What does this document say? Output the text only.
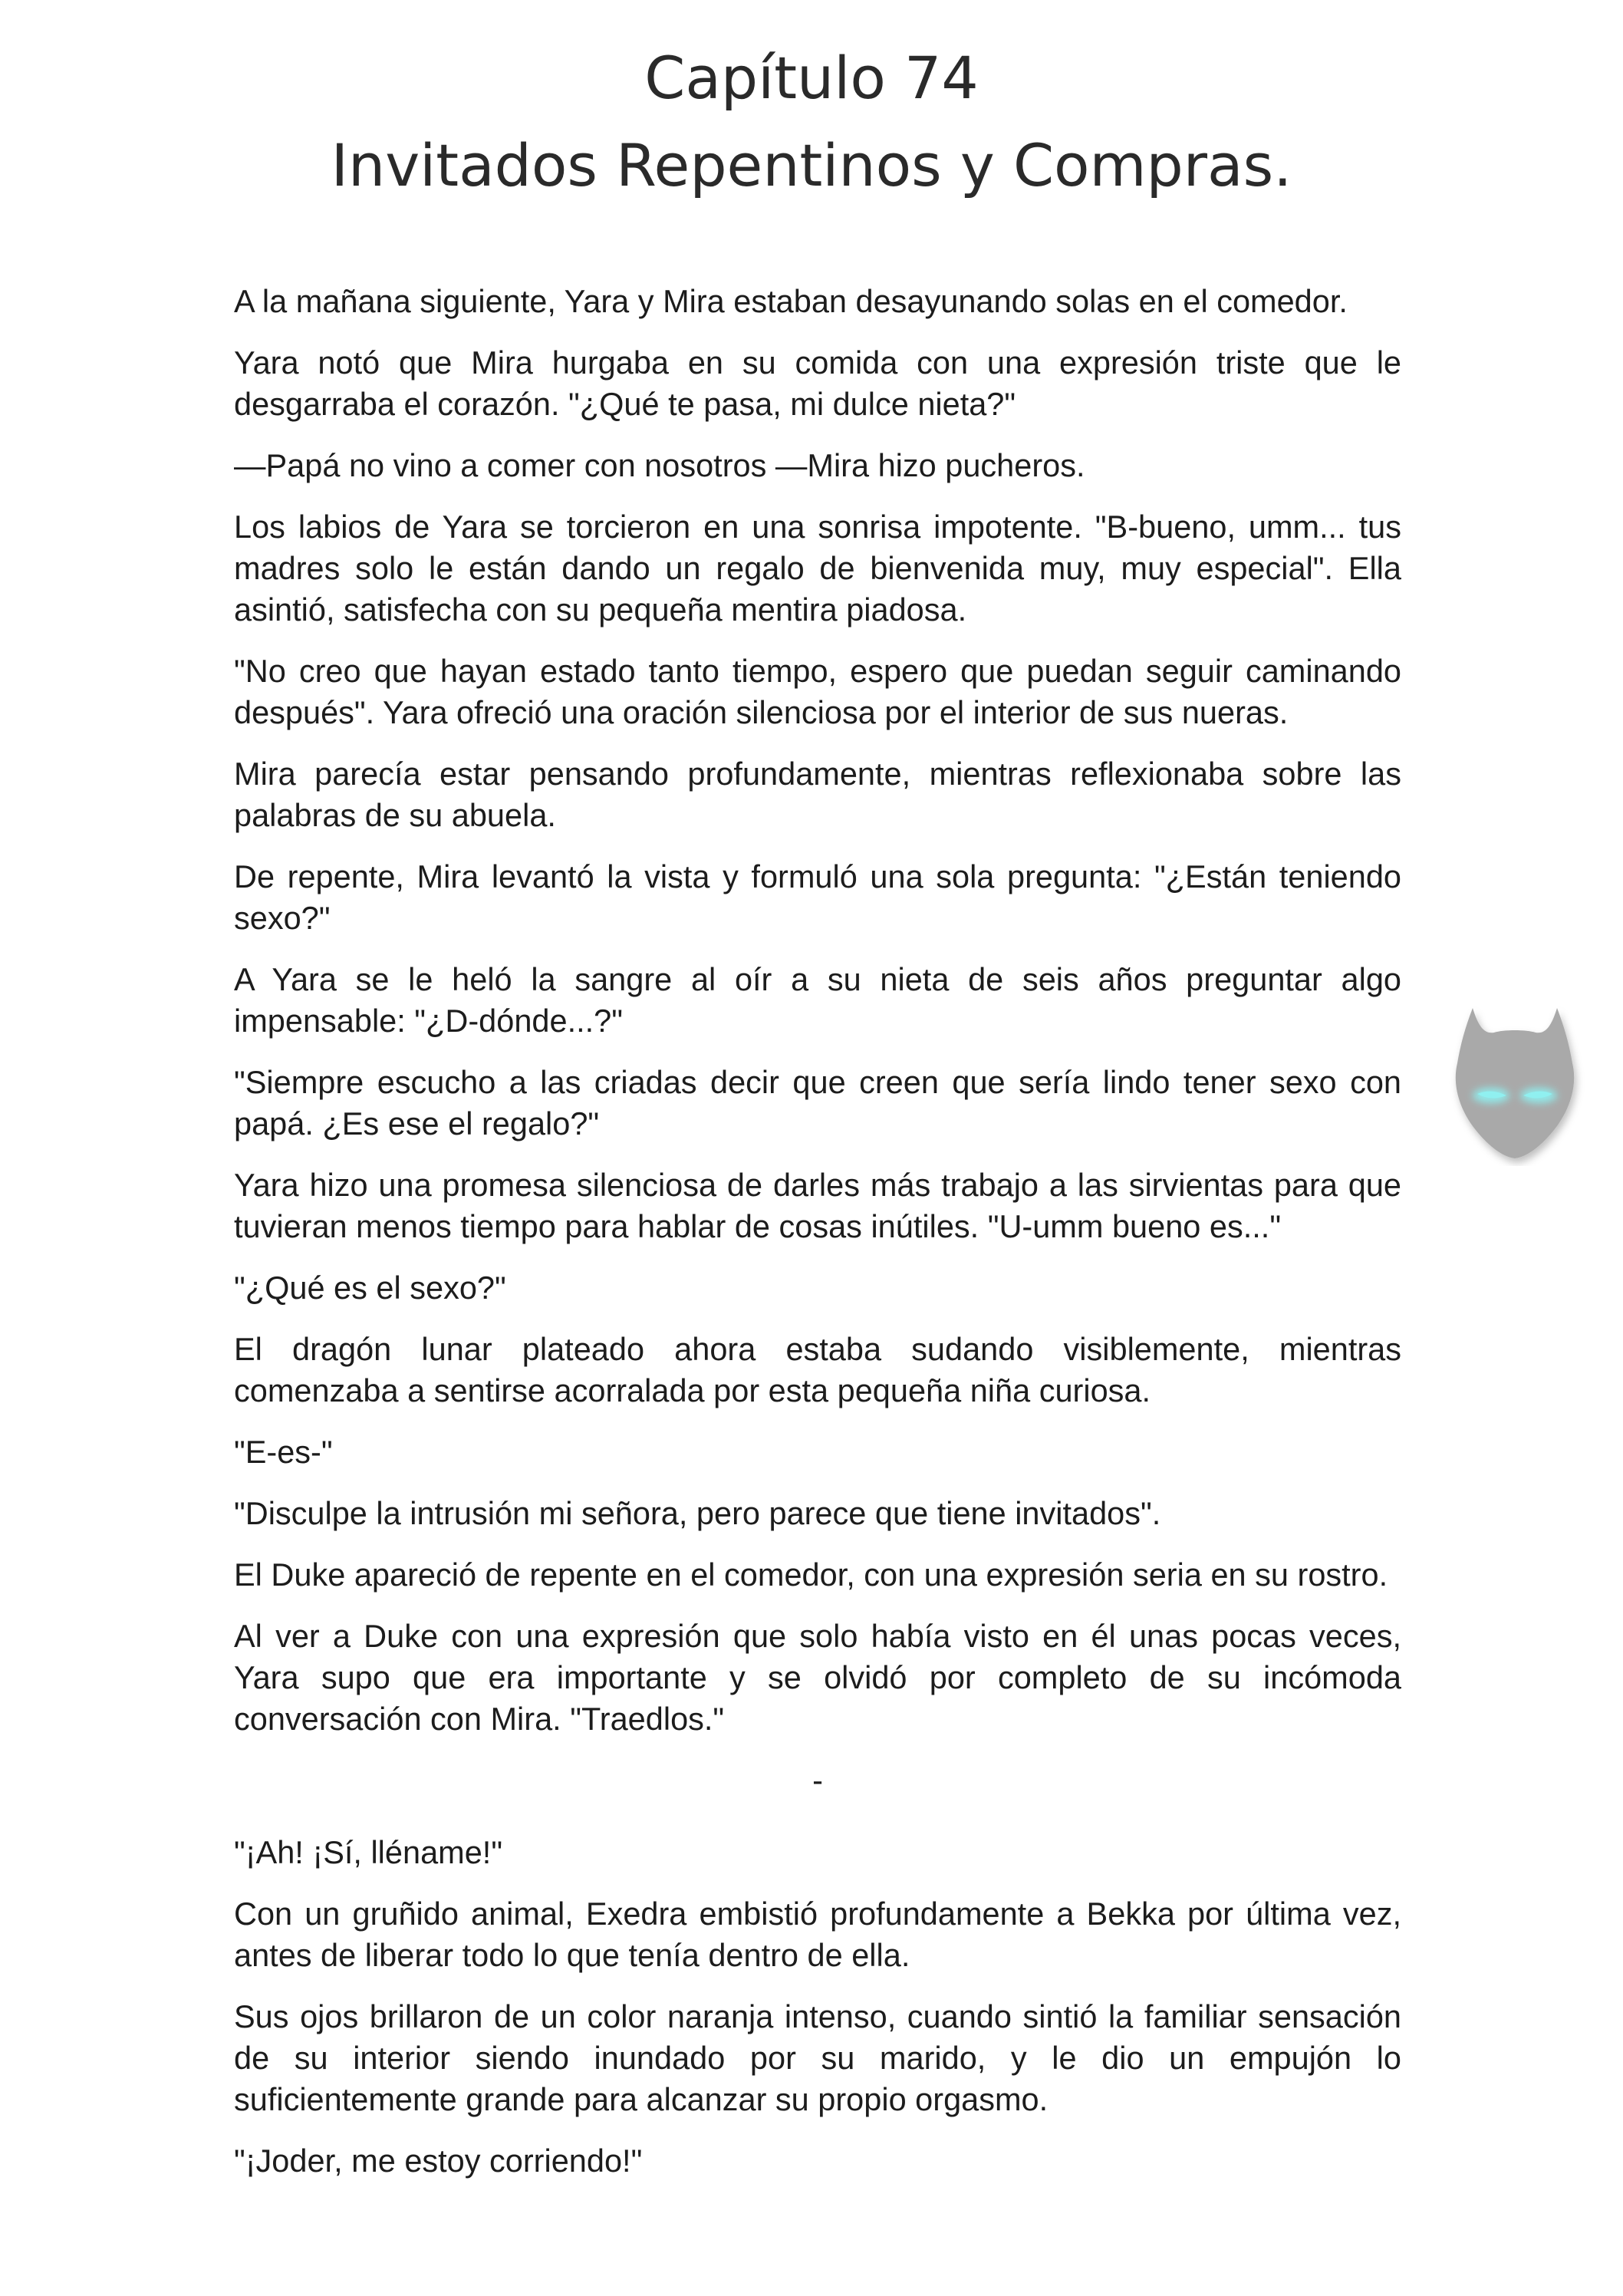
Capítulo 74
Invitados Repentinos y Compras.

A la mañana siguiente, Yara y Mira estaban desayunando solas en el comedor.

Yara notó que Mira hurgaba en su comida con una expresión triste que le desgarraba el corazón. "¿Qué te pasa, mi dulce nieta?"

—Papá no vino a comer con nosotros —Mira hizo pucheros.

Los labios de Yara se torcieron en una sonrisa impotente. "B-bueno, umm... tus madres solo le están dando un regalo de bienvenida muy, muy especial". Ella asintió, satisfecha con su pequeña mentira piadosa.

"No creo que hayan estado tanto tiempo, espero que puedan seguir caminando después". Yara ofreció una oración silenciosa por el interior de sus nueras.

Mira parecía estar pensando profundamente, mientras reflexionaba sobre las palabras de su abuela.

De repente, Mira levantó la vista y formuló una sola pregunta: "¿Están teniendo sexo?"

A Yara se le heló la sangre al oír a su nieta de seis años preguntar algo impensable: "¿D-dónde...?"

"Siempre escucho a las criadas decir que creen que sería lindo tener sexo con papá. ¿Es ese el regalo?"

Yara hizo una promesa silenciosa de darles más trabajo a las sirvientas para que tuvieran menos tiempo para hablar de cosas inútiles. "U-umm bueno es..."

"¿Qué es el sexo?"

El dragón lunar plateado ahora estaba sudando visiblemente, mientras comenzaba a sentirse acorralada por esta pequeña niña curiosa.

"E-es-"

"Disculpe la intrusión mi señora, pero parece que tiene invitados".

El Duke apareció de repente en el comedor, con una expresión seria en su rostro.

Al ver a Duke con una expresión que solo había visto en él unas pocas veces, Yara supo que era importante y se olvidó por completo de su incómoda conversación con Mira. "Traedlos."

-

"¡Ah! ¡Sí, lléname!"

Con un gruñido animal, Exedra embistió profundamente a Bekka por última vez, antes de liberar todo lo que tenía dentro de ella.

Sus ojos brillaron de un color naranja intenso, cuando sintió la familiar sensación de su interior siendo inundado por su marido, y le dio un empujón lo suficientemente grande para alcanzar su propio orgasmo.

"¡Joder, me estoy corriendo!"
